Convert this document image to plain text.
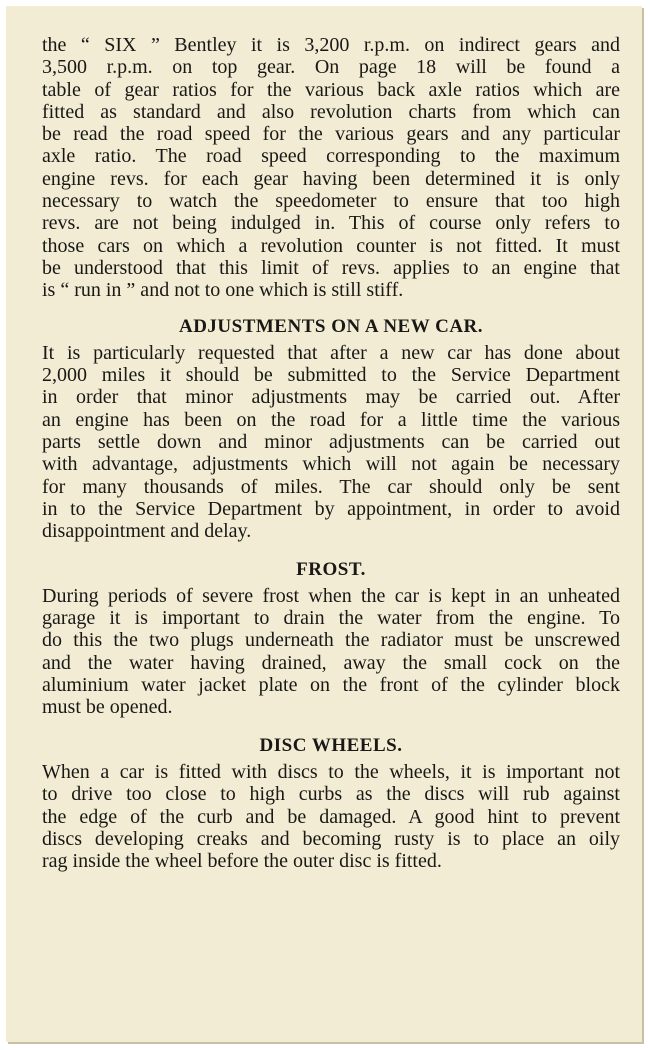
the “ SIX ” Bentley it is 3,200 r.p.m. on indirect gears and
3,500 r.p.m. on top gear. On page 18 will be found a
table of gear ratios for the various back axle ratios which are
fitted as standard and also revolution charts from which can
be read the road speed for the various gears and any particular
axle ratio. The road speed corresponding to the maximum
engine revs. for each gear having been determined it is only
necessary to watch the speedometer to ensure that too high
revs. are not being indulged in. This of course only refers to
those cars on which a revolution counter is not fitted. It must
be understood that this limit of revs. applies to an engine that
is “ run in ” and not to one which is still stiff.

ADJUSTMENTS ON A NEW CAR.

It is particularly requested that after a new car has done about
2,000 miles it should be submitted to the Service Department
in order that minor adjustments may be carried out. After
an engine has been on the road for a little time the various
parts settle down and minor adjustments can be carried out
with advantage, adjustments which will not again be necessary
for many thousands of miles. The car should only be sent
in to the Service Department by appointment, in order to avoid
disappointment and delay.

FROST.

During periods of severe frost when the car is kept in an unheated
garage it is important to drain the water from the engine. To
do this the two plugs underneath the radiator must be unscrewed
and the water having drained, away the small cock on the
aluminium water jacket plate on the front of the cylinder block
must be opened.

DISC WHEELS.

When a car is fitted with discs to the wheels, it is important not
to drive too close to high curbs as the discs will rub against
the edge of the curb and be damaged. A good hint to prevent
discs developing creaks and becoming rusty is to place an oily
rag inside the wheel before the outer disc is fitted.
